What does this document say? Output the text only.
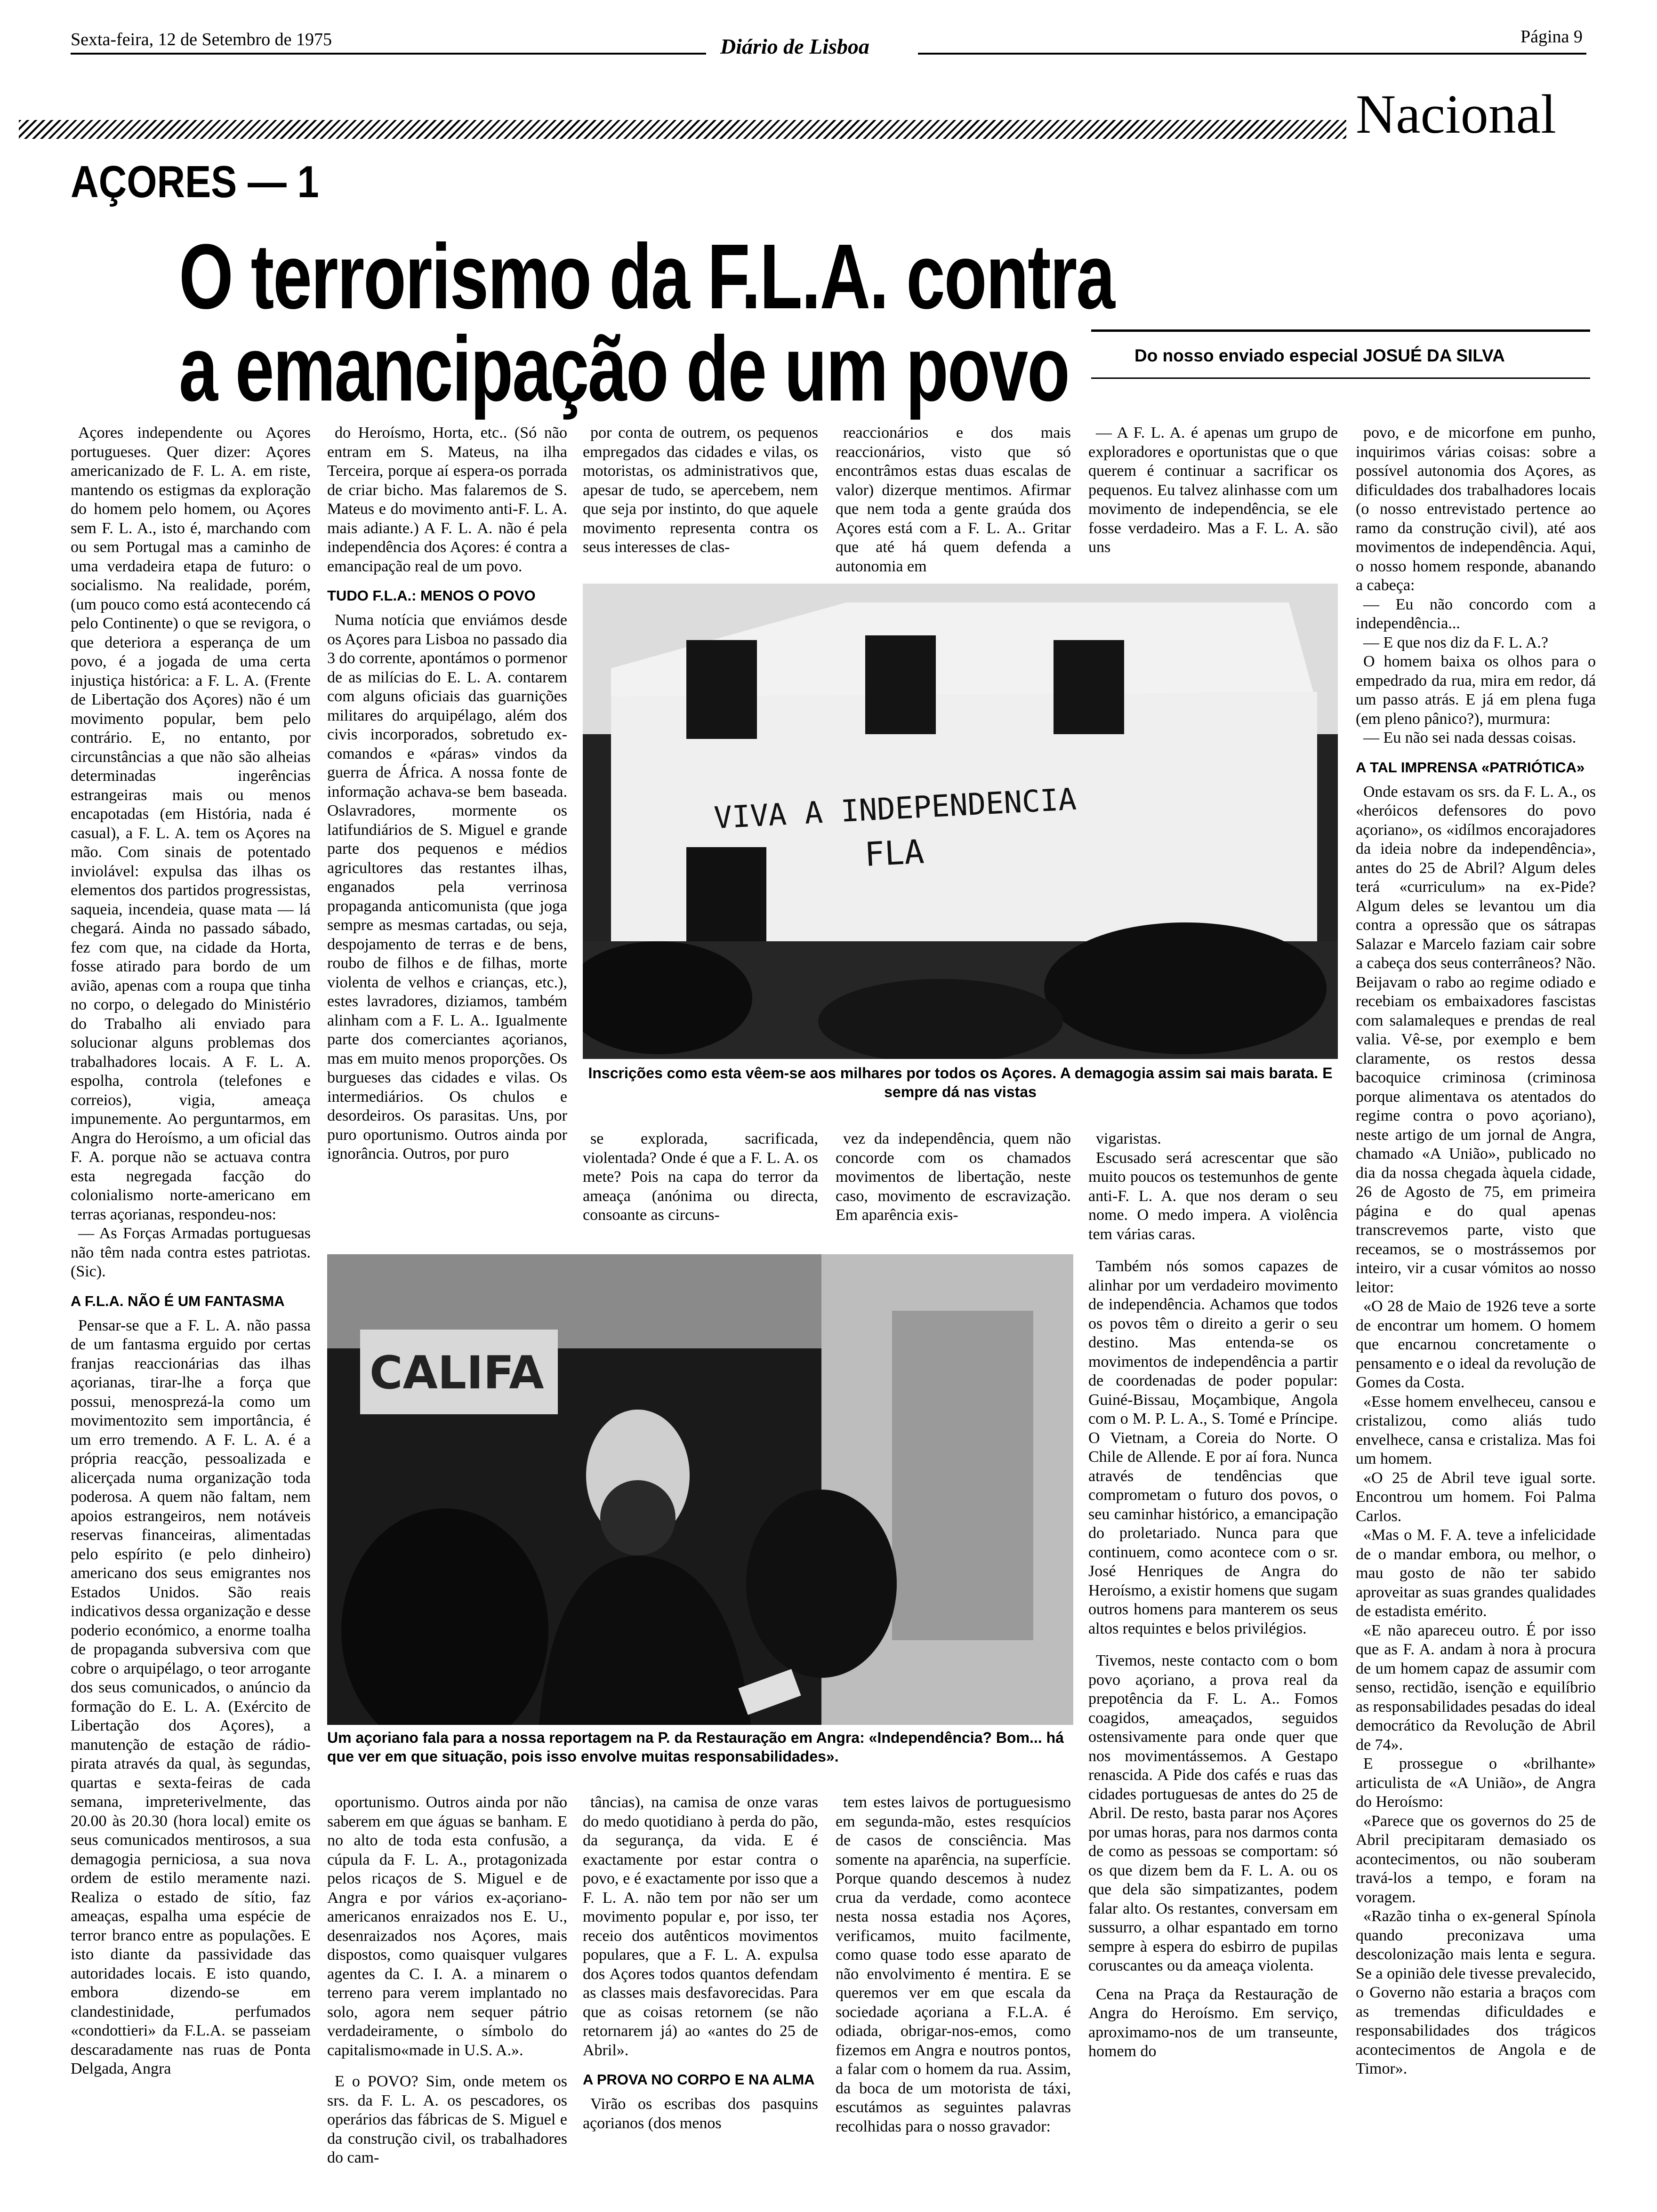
Sexta-feira, 12 de Setembro de 1975	Diário de Lisboa	Página 9
Nacional
AÇORES — 1
O terrorismo da F.L.A. contra
a emancipação de um povo	Do nosso enviado especial JOSUÉ DA SILVA

Açores independente ou Açores portugueses. Quer dizer: Açores americanizado de F. L. A. em riste, mantendo os estigmas da exploração do homem pelo homem, ou Açores sem F. L. A., isto é, marchando com ou sem Portugal mas a caminho de uma verdadeira etapa de futuro: o socialismo. Na realidade, porém, (um pouco como está acontecendo cá pelo Continente) o que se revigora, o que deteriora a esperança de um povo, é a jogada de uma certa injustiça histórica: a F. L. A. (Frente de Libertação dos Açores) não é um movimento popular, bem pelo contrário. E, no entanto, por circunstâncias a que não são alheias determinadas ingerências estrangeiras mais ou menos encapotadas (em História, nada é casual), a F. L. A. tem os Açores na mão. Com sinais de potentado inviolável: expulsa das ilhas os elementos dos partidos progressistas, saqueia, incendeia, quase mata — lá chegará. Ainda no passado sábado, fez com que, na cidade da Horta, fosse atirado para bordo de um avião, apenas com a roupa que tinha no corpo, o delegado do Ministério do Trabalho ali enviado para solucionar alguns problemas dos trabalhadores locais. A F. L. A. espolha, controla (telefones e correios), vigia, ameaça impunemente. Ao perguntarmos, em Angra do Heroísmo, a um oficial das F. A. porque não se actuava contra esta negregada facção do colonialismo norte-americano em terras açorianas, respondeu-nos:

— As Forças Armadas portuguesas não têm nada contra estes patriotas. (Sic).

A F.L.A. NÃO É UM FANTASMA

Pensar-se que a F. L. A. não passa de um fantasma erguido por certas franjas reaccionárias das ilhas açorianas, tirar-lhe a força que possui, menosprezá-la como um movimentozito sem importância, é um erro tremendo. A F. L. A. é a própria reacção, pessoalizada e alicerçada numa organização toda poderosa. A quem não faltam, nem apoios estrangeiros, nem notáveis reservas financeiras, alimentadas pelo espírito (e pelo dinheiro) americano dos seus emigrantes nos Estados Unidos. São reais indicativos dessa organização e desse poderio económico, a enorme toalha de propaganda subversiva com que cobre o arquipélago, o teor arrogante dos seus comunicados, o anúncio da formação do E. L. A. (Exército de Libertação dos Açores), a manutenção de estação de rádio-pirata através da qual, às segundas, quartas e sexta-feiras de cada semana, impreterivelmente, das 20.00 às 20.30 (hora local) emite os seus comunicados mentirosos, a sua demagogia perniciosa, a sua nova ordem de estilo meramente nazi. Realiza o estado de sítio, faz ameaças, espalha uma espécie de terror branco entre as populações. E isto diante da passividade das autoridades locais. E isto quando, embora dizendo-se em clandestinidade, perfumados «condottieri» da F.L.A. se passeiam descaradamente nas ruas de Ponta Delgada, Angra

do Heroísmo, Horta, etc.. (Só não entram em S. Mateus, na ilha Terceira, porque aí espera-os porrada de criar bicho. Mas falaremos de S. Mateus e do movimento anti-F. L. A. mais adiante.) A F. L. A. não é pela independência dos Açores: é contra a emancipação real de um povo.

TUDO F.L.A.: MENOS O POVO

Numa notícia que enviámos desde os Açores para Lisboa no passado dia 3 do corrente, apontámos o pormenor de as milícias do E. L. A. contarem com alguns oficiais das guarnições militares do arquipélago, além dos civis incorporados, sobretudo ex-comandos e «páras» vindos da guerra de África. A nossa fonte de informação achava-se bem baseada. Oslavradores, mormente os latifundiários de S. Miguel e grande parte dos pequenos e médios agricultores das restantes ilhas, enganados pela verrinosa propaganda anticomunista (que joga sempre as mesmas cartadas, ou seja, despojamento de terras e de bens, roubo de filhos e de filhas, morte violenta de velhos e crianças, etc.), estes lavradores, diziamos, também alinham com a F. L. A.. Igualmente parte dos comerciantes açorianos, mas em muito menos proporções. Os burgueses das cidades e vilas. Os intermediários. Os chulos e desordeiros. Os parasitas. Uns, por puro oportunismo. Outros ainda por ignorância. Outros, por puro

por conta de outrem, os pequenos empregados das cidades e vilas, os motoristas, os administrativos que, apesar de tudo, se apercebem, nem que seja por instinto, do que aquele movimento representa contra os seus interesses de clas-

reaccionários e dos mais reaccionários, visto que só encontrâmos estas duas escalas de valor) dizerque mentimos. Afirmar que nem toda a gente graúda dos Açores está com a F. L. A.. Gritar que até há quem defenda a autonomia em

— A F. L. A. é apenas um grupo de exploradores e oportunistas que o que querem é continuar a sacrificar os pequenos. Eu talvez alinhasse com um movimento de independência, se ele fosse verdadeiro. Mas a F. L. A. são uns

VIVA A INDEPENDENCIA
FLA
Inscrições como esta vêem-se aos milhares por todos os Açores. A demagogia assim sai mais barata. E sempre dá nas vistas

se explorada, sacrificada, violentada? Onde é que a F. L. A. os mete? Pois na capa do terror da ameaça (anónima ou directa, consoante as circuns-

vez da independência, quem não concorde com os chamados movimentos de libertação, neste caso, movimento de escravização. Em aparência exis-

vigaristas.

Escusado será acrescentar que são muito poucos os testemunhos de gente anti-F. L. A. que nos deram o seu nome. O medo impera. A violência tem várias caras.

Também nós somos capazes de alinhar por um verdadeiro movimento de independência. Achamos que todos os povos têm o direito a gerir o seu destino. Mas entenda-se os movimentos de independência a partir de coordenadas de poder popular: Guiné-Bissau, Moçambique, Angola com o M. P. L. A., S. Tomé e Príncipe. O Vietnam, a Coreia do Norte. O Chile de Allende. E por aí fora. Nunca através de tendências que comprometam o futuro dos povos, o seu caminhar histórico, a emancipação do proletariado. Nunca para que continuem, como acontece com o sr. José Henriques de Angra do Heroísmo, a existir homens que sugam outros homens para manterem os seus altos requintes e belos privilégios.

Tivemos, neste contacto com o bom povo açoriano, a prova real da prepotência da F. L. A.. Fomos coagidos, ameaçados, seguidos ostensivamente para onde quer que nos movimentássemos. A Gestapo renascida. A Pide dos cafés e ruas das cidades portuguesas de antes do 25 de Abril. De resto, basta parar nos Açores por umas horas, para nos darmos conta de como as pessoas se comportam: só os que dizem bem da F. L. A. ou os que dela são simpatizantes, podem falar alto. Os restantes, conversam em sussurro, a olhar espantado em torno sempre à espera do esbirro de pupilas coruscantes ou da ameaça violenta.

Cena na Praça da Restauração de Angra do Heroísmo. Em serviço, aproximamo-nos de um transeunte, homem do

CALIFA
Um açoriano fala para a nossa reportagem na P. da Restauração em Angra: «Independência? Bom... há que ver em que situação, pois isso envolve muitas responsabilidades».

oportunismo. Outros ainda por não saberem em que águas se banham. E no alto de toda esta confusão, a cúpula da F. L. A., protagonizada pelos ricaços de S. Miguel e de Angra e por vários ex-açoriano-americanos enraizados nos E. U., desenraizados nos Açores, mais dispostos, como quaisquer vulgares agentes da C. I. A. a minarem o terreno para verem implantado no solo, agora nem sequer pátrio verdadeiramente, o símbolo do capitalismo«made in U.S. A.».

E o POVO? Sim, onde metem os srs. da F. L. A. os pescadores, os operários das fábricas de S. Miguel e da construção civil, os trabalhadores do cam-

tâncias), na camisa de onze varas do medo quotidiano à perda do pão, da segurança, da vida. E é exactamente por estar contra o povo, e é exactamente por isso que a F. L. A. não tem por não ser um movimento popular e, por isso, ter receio dos autênticos movimentos populares, que a F. L. A. expulsa dos Açores todos quantos defendam as classes mais desfavorecidas. Para que as coisas retornem (se não retornarem já) ao «antes do 25 de Abril».

A PROVA NO CORPO E NA ALMA

Virão os escribas dos pasquins açorianos (dos menos

tem estes laivos de portuguesismo em segunda-mão, estes resquícios de casos de consciência. Mas somente na aparência, na superfície. Porque quando descemos à nudez crua da verdade, como acontece nesta nossa estadia nos Açores, verificamos, muito facilmente, como quase todo esse aparato de não envolvimento é mentira. E se queremos ver em que escala da sociedade açoriana a F.L.A. é odiada, obrigar-nos-emos, como fizemos em Angra e noutros pontos, a falar com o homem da rua. Assim, da boca de um motorista de táxi, escutámos as seguintes palavras recolhidas para o nosso gravador:

povo, e de micorfone em punho, inquirimos várias coisas: sobre a possível autonomia dos Açores, as dificuldades dos trabalhadores locais (o nosso entrevistado pertence ao ramo da construção civil), até aos movimentos de independência. Aqui, o nosso homem responde, abanando a cabeça:

— Eu não concordo com a independência...

— E que nos diz da F. L. A.?

O homem baixa os olhos para o empedrado da rua, mira em redor, dá um passo atrás. E já em plena fuga (em pleno pânico?), murmura:

— Eu não sei nada dessas coisas.

A TAL IMPRENSA «PATRIÓTICA»

Onde estavam os srs. da F. L. A., os «heróicos defensores do povo açoriano», os «idílmos encorajadores da ideia nobre da independência», antes do 25 de Abril? Algum deles terá «curriculum» na ex-Pide? Algum deles se levantou um dia contra a opressão que os sátrapas Salazar e Marcelo faziam cair sobre a cabeça dos seus conterrâneos? Não. Beijavam o rabo ao regime odiado e recebiam os embaixadores fascistas com salamaleques e prendas de real valia. Vê-se, por exemplo e bem claramente, os restos dessa bacoquice criminosa (criminosa porque alimentava os atentados do regime contra o povo açoriano), neste artigo de um jornal de Angra, chamado «A União», publicado no dia da nossa chegada àquela cidade, 26 de Agosto de 75, em primeira página e do qual apenas transcrevemos parte, visto que receamos, se o mostrássemos por inteiro, vir a cusar vómitos ao nosso leitor:

«O 28 de Maio de 1926 teve a sorte de encontrar um homem. O homem que encarnou concretamente o pensamento e o ideal da revolução de Gomes da Costa.

«Esse homem envelheceu, cansou e cristalizou, como aliás tudo envelhece, cansa e cristaliza. Mas foi um homem.

«O 25 de Abril teve igual sorte. Encontrou um homem. Foi Palma Carlos.

«Mas o M. F. A. teve a infelicidade de o mandar embora, ou melhor, o mau gosto de não ter sabido aproveitar as suas grandes qualidades de estadista emérito.

«E não apareceu outro. É por isso que as F. A. andam à nora à procura de um homem capaz de assumir com senso, rectidão, isenção e equilíbrio as responsabilidades pesadas do ideal democrático da Revolução de Abril de 74».

E prossegue o «brilhante» articulista de «A União», de Angra do Heroísmo:

«Parece que os governos do 25 de Abril precipitaram demasiado os acontecimentos, ou não souberam travá-los a tempo, e foram na voragem.

«Razão tinha o ex-general Spínola quando preconizava uma descolonização mais lenta e segura. Se a opinião dele tivesse prevalecido, o Governo não estaria a braços com as tremendas dificuldades e responsabilidades dos trágicos acontecimentos de Angola e de Timor».
